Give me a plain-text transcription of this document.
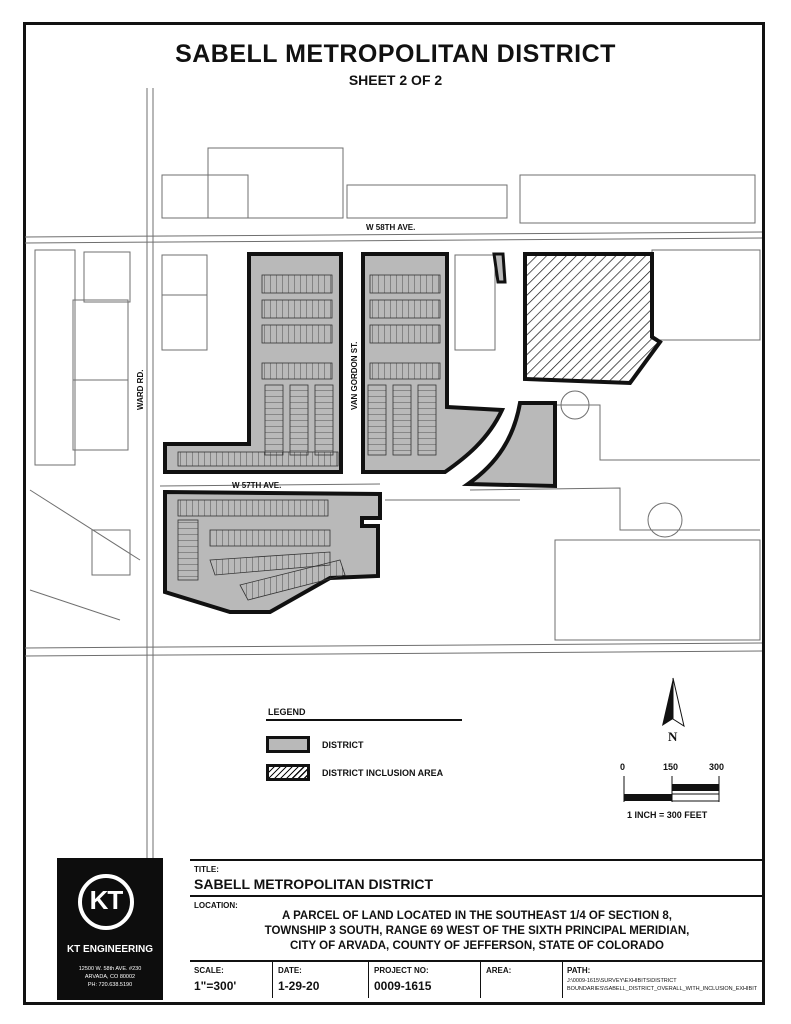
SABELL METROPOLITAN DISTRICT
SHEET 2 OF 2
W 58TH AVE.
W 57TH AVE.
WARD RD.	VAN GORDON ST.
N
LEGEND
DISTRICT
DISTRICT INCLUSION AREA
0	150	300
1 INCH = 300 FEET
KT
KT ENGINEERING
12500 W. 58th AVE. #230
ARVADA, CO 80002
PH: 720.638.5190
TITLE:
SABELL METROPOLITAN DISTRICT
LOCATION:
A PARCEL OF LAND LOCATED IN THE SOUTHEAST 1/4 OF SECTION 8,
TOWNSHIP 3 SOUTH, RANGE 69 WEST OF THE SIXTH PRINCIPAL MERIDIAN,
CITY OF ARVADA, COUNTY OF JEFFERSON, STATE OF COLORADO
SCALE:
1"=300'
DATE:
1-29-20
PROJECT NO:
0009-1615
AREA:	PATH:
J:\0009-1615\SURVEY\EXHIBITS\DISTRICT
BOUNDARIES\SABELL_DISTRICT_OVERALL_WITH_INCLUSION_EXHIBIT
